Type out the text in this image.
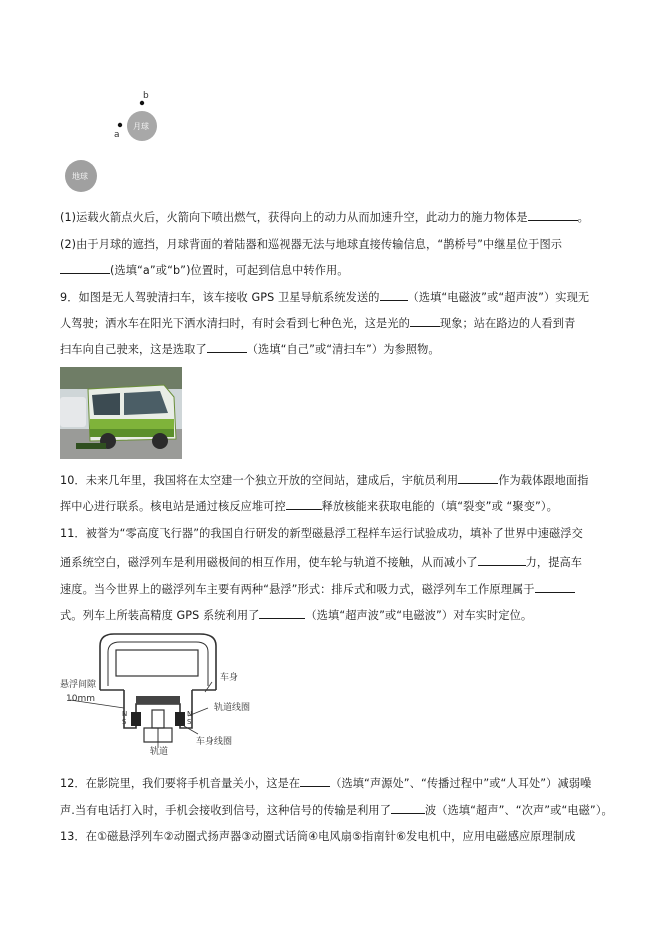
a
b
月球
地球
(1)运载火箭点火后，火箭向下喷出燃气，获得向上的动力从而加速升空，此动力的施力物体是	。
(2)由于月球的遮挡，月球背面的着陆器和巡视器无法与地球直接传输信息，“鹊桥号”中继星位于图示
(选填“a”或“b”)位置时，可起到信息中转作用。
9．如图是无人驾驶清扫车，该车接收 GPS 卫星导航系统发送的	（选填“电磁波”或“超声波”）实现无
人驾驶；洒水车在阳光下洒水清扫时，有时会看到七种色光，这是光的	现象；站在路边的人看到青
扫车向自己驶来，这是选取了	（选填“自己”或“清扫车”）为参照物。
10．未来几年里，我国将在太空建一个独立开放的空间站，建成后，宇航员利用	作为载体跟地面指
挥中心进行联系。核电站是通过核反应堆可控	释放核能来获取电能的（填“裂变”或 “聚变”）。
11．被誉为“零高度飞行器”的我国自行研发的新型磁悬浮工程样车运行试验成功，填补了世界中速磁浮交
通系统空白，磁浮列车是利用磁极间的相互作用，使车轮与轨道不接触，从而减小了	力，提高车
速度。当今世界上的磁浮列车主要有两种“悬浮”形式：排斥式和吸力式，磁浮列车工作原理属于
式。列车上所装高精度 GPS 系统利用了	（选填“超声波”或“电磁波”）对车实时定位。
悬浮间隙
10mm
车身
轨道线圈
轨道
车身线圈
N
S
N
S
12．在影院里，我们要将手机音量关小，这是在	（选填“声源处”、“传播过程中”或“人耳处”）减弱噪
声.当有电话打入时，手机会接收到信号，这种信号的传输是利用了	波（选填“超声”、“次声”或“电磁”）。
13．在①磁悬浮列车②动圈式扬声器③动圈式话筒④电风扇⑤指南针⑥发电机中，应用电磁感应原理制成
